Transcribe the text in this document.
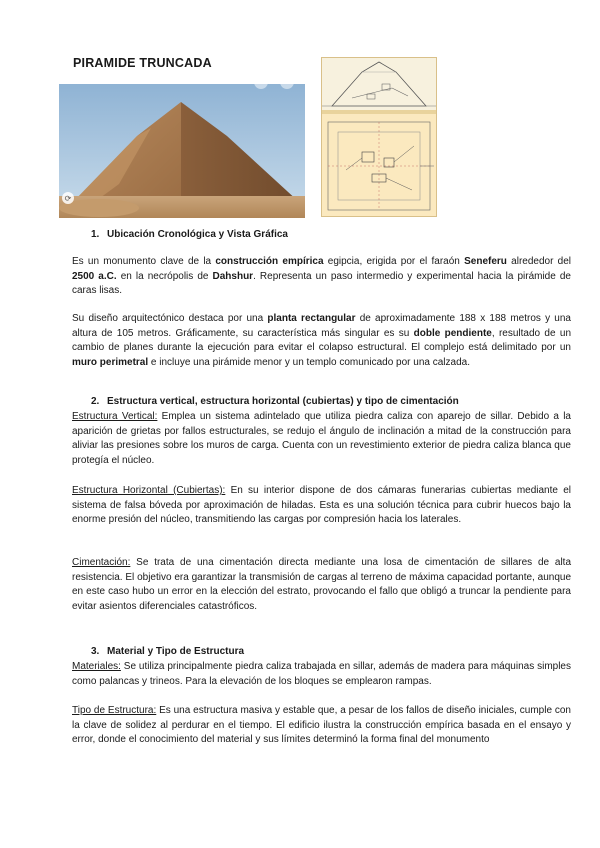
PIRAMIDE TRUNCADA
⟳
1. Ubicación Cronológica y Vista Gráfica

Es un monumento clave de la construcción empírica egipcia, erigida por el faraón Seneferu alrededor del 2500 a.C. en la necrópolis de Dahshur. Representa un paso intermedio y experimental hacia la pirámide de caras lisas.

Su diseño arquitectónico destaca por una planta rectangular de aproximadamente 188 x 188 metros y una altura de 105 metros. Gráficamente, su característica más singular es su doble pendiente, resultado de un cambio de planes durante la ejecución para evitar el colapso estructural. El complejo está delimitado por un muro perimetral e incluye una pirámide menor y un templo comunicado por una calzada.

2. Estructura vertical, estructura horizontal (cubiertas) y tipo de cimentación

Estructura Vertical: Emplea un sistema adintelado que utiliza piedra caliza con aparejo de sillar. Debido a la aparición de grietas por fallos estructurales, se redujo el ángulo de inclinación a mitad de la construcción para aliviar las presiones sobre los muros de carga. Cuenta con un revestimiento exterior de piedra caliza blanca que protegía el núcleo.

Estructura Horizontal (Cubiertas): En su interior dispone de dos cámaras funerarias cubiertas mediante el sistema de falsa bóveda por aproximación de hiladas. Esta es una solución técnica para cubrir huecos bajo la enorme presión del núcleo, transmitiendo las cargas por compresión hacia los laterales.

Cimentación: Se trata de una cimentación directa mediante una losa de cimentación de sillares de alta resistencia. El objetivo era garantizar la transmisión de cargas al terreno de máxima capacidad portante, aunque en este caso hubo un error en la elección del estrato, provocando el fallo que obligó a truncar la pendiente para evitar asientos diferenciales catastróficos.

3. Material y Tipo de Estructura

Materiales: Se utiliza principalmente piedra caliza trabajada en sillar, además de madera para máquinas simples como palancas y trineos. Para la elevación de los bloques se emplearon rampas.

Tipo de Estructura: Es una estructura masiva y estable que, a pesar de los fallos de diseño iniciales, cumple con la clave de solidez al perdurar en el tiempo. El edificio ilustra la construcción empírica basada en el ensayo y error, donde el conocimiento del material y sus límites determinó la forma final del monumento
